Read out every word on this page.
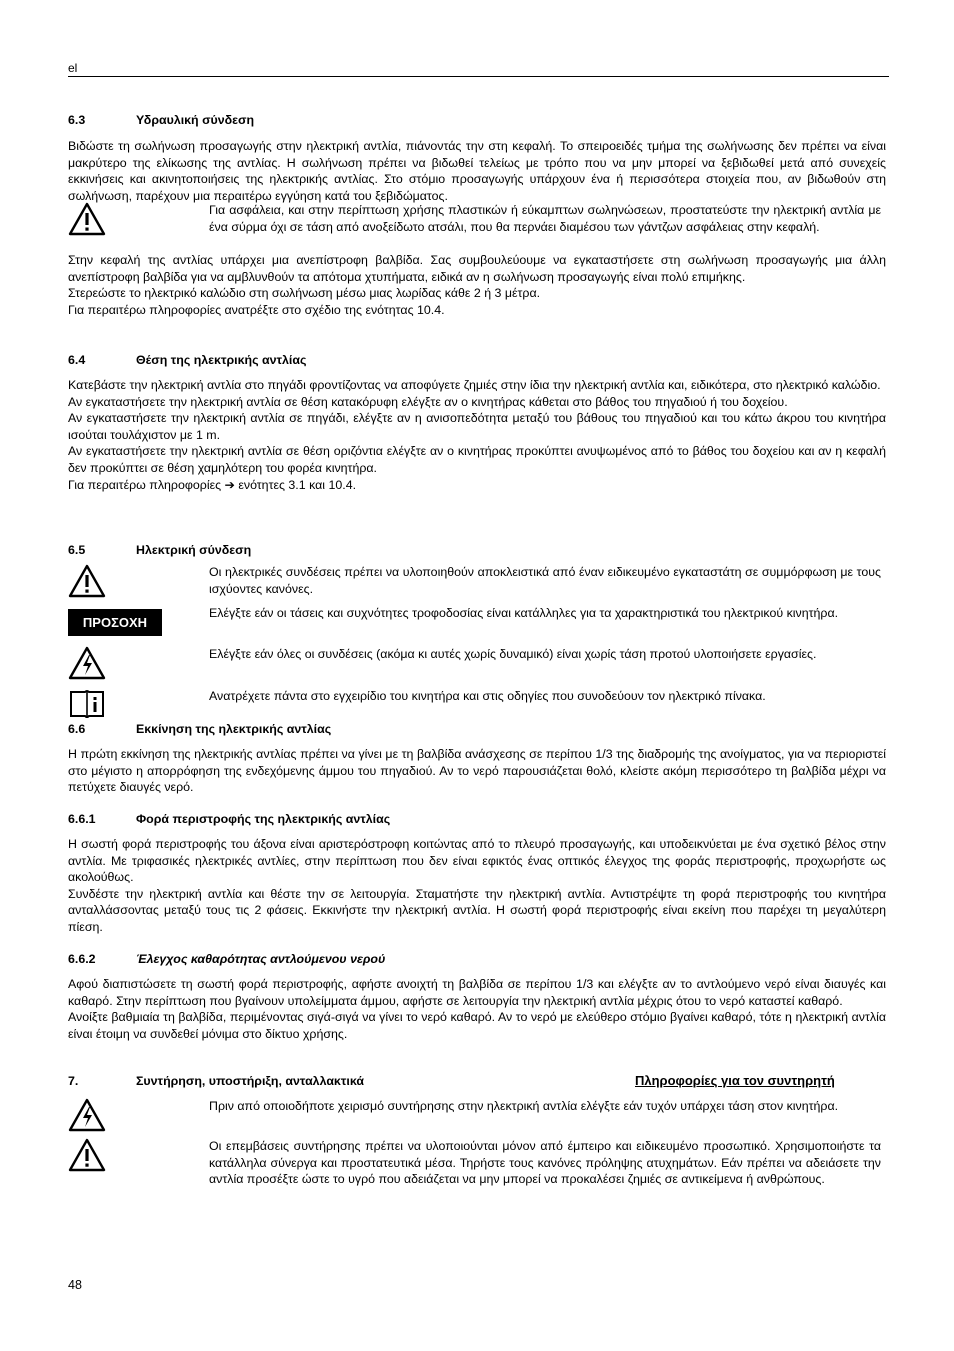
el
6.3	Υδραυλική σύνδεση

Βιδώστε τη σωλήνωση προσαγωγής στην ηλεκτρική αντλία, πιάνοντάς την στη κεφαλή. Το σπειροειδές τμήμα της σωλήνωσης δεν πρέπει να είναι μακρύτερο της ελίκωσης της αντλίας. Η σωλήνωση πρέπει να βιδωθεί τελείως με τρόπο που να μην μπορεί να ξεβιδωθεί μετά από συνεχείς εκκινήσεις και ακινητοποιήσεις της ηλεκτρικής αντλίας. Στο στόμιο προσαγωγής υπάρχουν ένα ή περισσότερα στοιχεία που, αν βιδωθούν στη σωλήνωση, παρέχουν μια περαιτέρω εγγύηση κατά του ξεβιδώματος.

Για ασφάλεια, και στην περίπτωση χρήσης πλαστικών ή εύκαμπτων σωληνώσεων, προστατεύστε την ηλεκτρική αντλία με ένα σύρμα όχι σε τάση από ανοξείδωτο ατσάλι, που θα περνάει διαμέσου των γάντζων ασφάλειας στην κεφαλή.

Στην κεφαλή της αντλίας υπάρχει μια ανεπίστροφη βαλβίδα. Σας συμβουλεύουμε να εγκαταστήσετε στη σωλήνωση προσαγωγής μια άλλη ανεπίστροφη βαλβίδα για να αμβλυνθούν τα απότομα χτυπήματα, ειδικά αν η σωλήνωση προσαγωγής είναι πολύ επιμήκης.

Στερεώστε το ηλεκτρικό καλώδιο στη σωλήνωση μέσω μιας λωρίδας κάθε 2 ή 3 μέτρα.

Για περαιτέρω πληροφορίες ανατρέξτε στο σχέδιο της ενότητας 10.4.

6.4	Θέση της ηλεκτρικής αντλίας

Κατεβάστε την ηλεκτρική αντλία στο πηγάδι φροντίζοντας να αποφύγετε ζημιές στην ίδια την ηλεκτρική αντλία και, ειδικότερα, στο ηλεκτρικό καλώδιο.

Αν εγκαταστήσετε την ηλεκτρική αντλία σε θέση κατακόρυφη ελέγξτε αν ο κινητήρας κάθεται στο βάθος του πηγαδιού ή του δοχείου.

Αν εγκαταστήσετε την ηλεκτρική αντλία σε πηγάδι, ελέγξτε αν η ανισοπεδότητα μεταξύ του βάθους του πηγαδιού και του κάτω άκρου του κινητήρα ισούται τουλάχιστον με 1 m.

Αν εγκαταστήσετε την ηλεκτρική αντλία σε θέση οριζόντια ελέγξτε αν ο κινητήρας προκύπτει ανυψωμένος από το βάθος του δοχείου και αν η κεφαλή δεν προκύπτει σε θέση χαμηλότερη του φορέα κινητήρα.

Για περαιτέρω πληροφορίες ➔ ενότητες 3.1 και 10.4.

6.5	Ηλεκτρική σύνδεση
Οι ηλεκτρικές συνδέσεις πρέπει να υλοποιηθούν αποκλειστικά από έναν ειδικευμένο εγκαταστάτη σε συμμόρφωση με τους ισχύοντες κανόνες.
ΠΡΟΣΟΧΗ
Ελέγξτε εάν οι τάσεις και συχνότητες τροφοδοσίας είναι κατάλληλες για τα χαρακτηριστικά του ηλεκτρικού κινητήρα.
Ελέγξτε εάν όλες οι συνδέσεις (ακόμα κι αυτές χωρίς δυναμικό) είναι χωρίς τάση προτού υλοποιήσετε εργασίες.
Ανατρέχετε πάντα στο εγχειρίδιο του κινητήρα και στις οδηγίες που συνοδεύουν τον ηλεκτρικό πίνακα.
6.6	Εκκίνηση της ηλεκτρικής αντλίας

Η πρώτη εκκίνηση της ηλεκτρικής αντλίας πρέπει να γίνει με τη βαλβίδα ανάσχεσης σε περίπου 1/3 της διαδρομής της ανοίγματος, για να περιοριστεί στο μέγιστο η απορρόφηση της ενδεχόμενης άμμου του πηγαδιού. Αν το νερό παρουσιάζεται θολό, κλείστε ακόμη περισσότερο τη βαλβίδα μέχρι να πετύχετε διαυγές νερό.

6.6.1	Φορά περιστροφής της ηλεκτρικής αντλίας

Η σωστή φορά περιστροφής του άξονα είναι αριστερόστροφη κοιτώντας από το πλευρό προσαγωγής, και υποδεικνύεται με ένα σχετικό βέλος στην αντλία. Με τριφασικές ηλεκτρικές αντλίες, στην περίπτωση που δεν είναι εφικτός ένας οπτικός έλεγχος της φοράς περιστροφής, προχωρήστε ως ακολούθως.

Συνδέστε την ηλεκτρική αντλία και θέστε την σε λειτουργία. Σταματήστε την ηλεκτρική αντλία. Αντιστρέψτε τη φορά περιστροφής του κινητήρα ανταλλάσσοντας μεταξύ τους τις 2 φάσεις. Εκκινήστε την ηλεκτρική αντλία. Η σωστή φορά περιστροφής είναι εκείνη που παρέχει τη μεγαλύτερη πίεση.

6.6.2	Έλεγχος καθαρότητας αντλούμενου νερού

Αφού διαπιστώσετε τη σωστή φορά περιστροφής, αφήστε ανοιχτή τη βαλβίδα σε περίπου 1/3 και ελέγξτε αν το αντλούμενο νερό είναι διαυγές και καθαρό. Στην περίπτωση που βγαίνουν υπολείμματα άμμου, αφήστε σε λειτουργία την ηλεκτρική αντλία μέχρις ότου το νερό καταστεί καθαρό.

Ανοίξτε βαθμιαία τη βαλβίδα, περιμένοντας σιγά-σιγά να γίνει το νερό καθαρό. Αν το νερό με ελεύθερο στόμιο βγαίνει καθαρό, τότε η ηλεκτρική αντλία είναι έτοιμη να συνδεθεί μόνιμα στο δίκτυο χρήσης.

7.	Συντήρηση, υποστήριξη, ανταλλακτικά	Πληροφορίες για τον συντηρητή
Πριν από οποιοδήποτε χειρισμό συντήρησης στην ηλεκτρική αντλία ελέγξτε εάν τυχόν υπάρχει τάση στον κινητήρα.
Οι επεμβάσεις συντήρησης πρέπει να υλοποιούνται μόνον από έμπειρο και ειδικευμένο προσωπικό. Χρησιμοποιήστε τα κατάλληλα σύνεργα και προστατευτικά μέσα. Τηρήστε τους κανόνες πρόληψης ατυχημάτων. Εάν πρέπει να αδειάσετε την αντλία προσέξτε ώστε το υγρό που αδειάζεται να μην μπορεί να προκαλέσει ζημιές σε αντικείμενα ή ανθρώπους.
48
